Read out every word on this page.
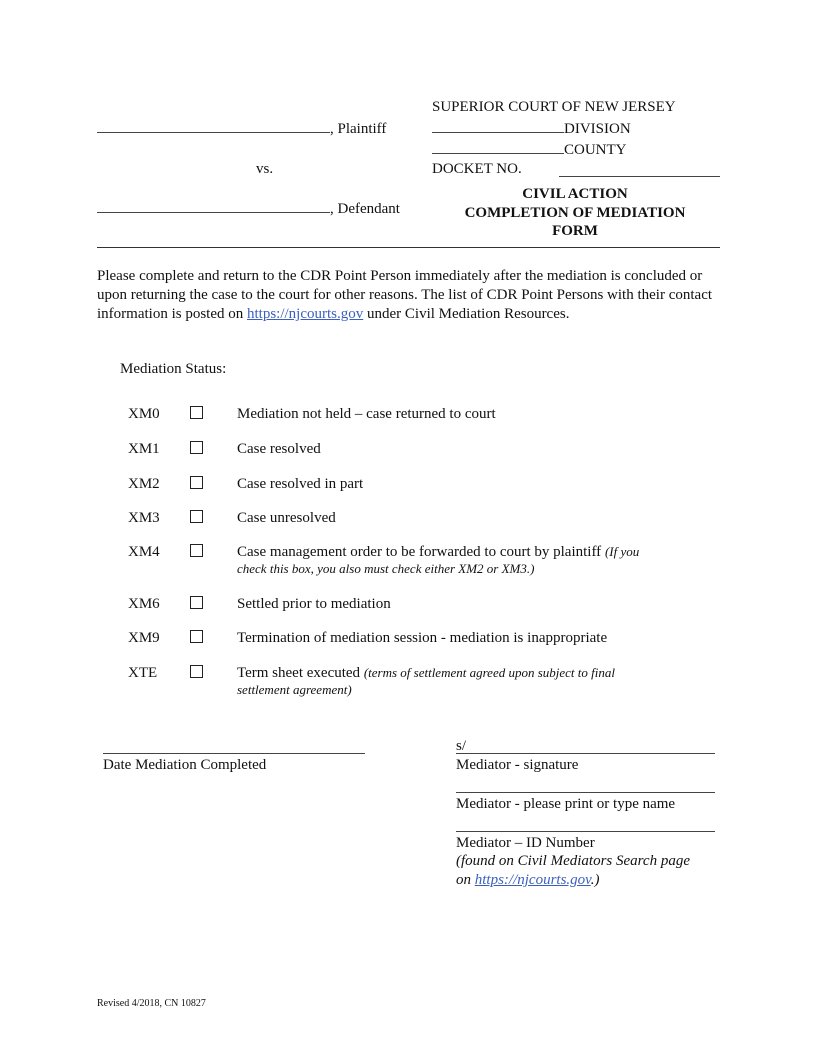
, Plaintiff
vs.
, Defendant
SUPERIOR COURT OF NEW JERSEY
DIVISION
COUNTY
DOCKET NO.
CIVIL ACTION
COMPLETION OF MEDIATION
FORM
Please complete and return to the CDR Point Person immediately after the mediation is concluded or upon returning the case to the court for other reasons. The list of CDR Point Persons with their contact information is posted on https://njcourts.gov under Civil Mediation Resources.
Mediation Status:
XM0	Mediation not held – case returned to court
XM1	Case resolved
XM2	Case resolved in part
XM3	Case unresolved
XM4	Case management order to be forwarded to court by plaintiff (If you
check this box, you also must check either XM2 or XM3.)
XM6	Settled prior to mediation
XM9	Termination of mediation session - mediation is inappropriate
XTE	Term sheet executed (terms of settlement agreed upon subject to final
settlement agreement)
Date Mediation Completed
s/
Mediator - signature
Mediator - please print or type name
Mediator – ID Number
(found on Civil Mediators Search page
on https://njcourts.gov.)
Revised 4/2018, CN 10827
